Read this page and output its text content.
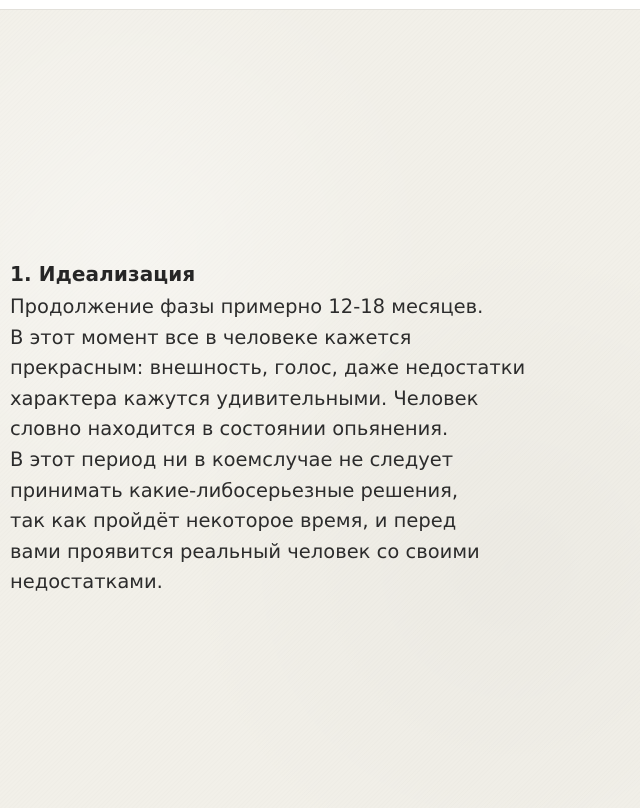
1. Идеализация
Продолжение фазы примерно 12-18 месяцев.
В этот момент все в человеке кажется
прекрасным: внешность, голос, даже недостатки
характера кажутся удивительными. Человек
словно находится в состоянии опьянения.
В этот период ни в коемслучае не следует
принимать какие-либосерьезные решения,
так как пройдёт некоторое время, и перед
вами проявится реальный человек со своими
недостатками.
